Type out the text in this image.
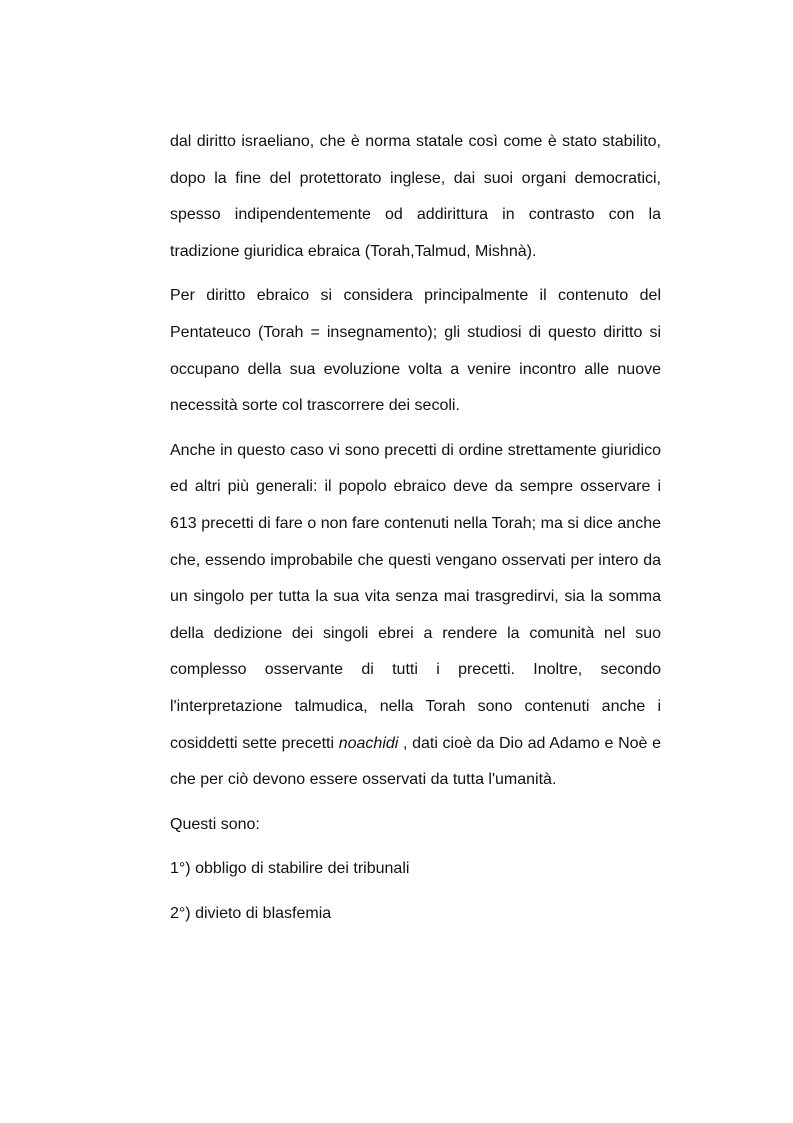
dal diritto israeliano, che è norma statale così come è stato stabilito, dopo la fine del protettorato inglese, dai suoi organi democratici, spesso indipendentemente od addirittura in contrasto con la tradizione giuridica ebraica (Torah,Talmud, Mishnà).

Per diritto ebraico si considera principalmente il contenuto del Pentateuco (Torah = insegnamento); gli studiosi di questo diritto si occupano della sua evoluzione volta a venire incontro alle nuove necessità sorte col trascorrere dei secoli.

Anche in questo caso vi sono precetti di ordine strettamente giuridico ed altri più generali: il popolo ebraico deve da sempre osservare i 613 precetti di fare o non fare contenuti nella Torah; ma si dice anche che, essendo improbabile che questi vengano osservati per intero da un singolo per tutta la sua vita senza mai trasgredirvi, sia la somma della dedizione dei singoli ebrei a rendere la comunità nel suo complesso osservante di tutti i precetti. Inoltre, secondo l'interpretazione talmudica, nella Torah sono contenuti anche i cosiddetti sette precetti noachidi , dati cioè da Dio ad Adamo e Noè e che per ciò devono essere osservati da tutta l'umanità.

Questi sono:

1°) obbligo di stabilire dei tribunali

2°) divieto di blasfemia
